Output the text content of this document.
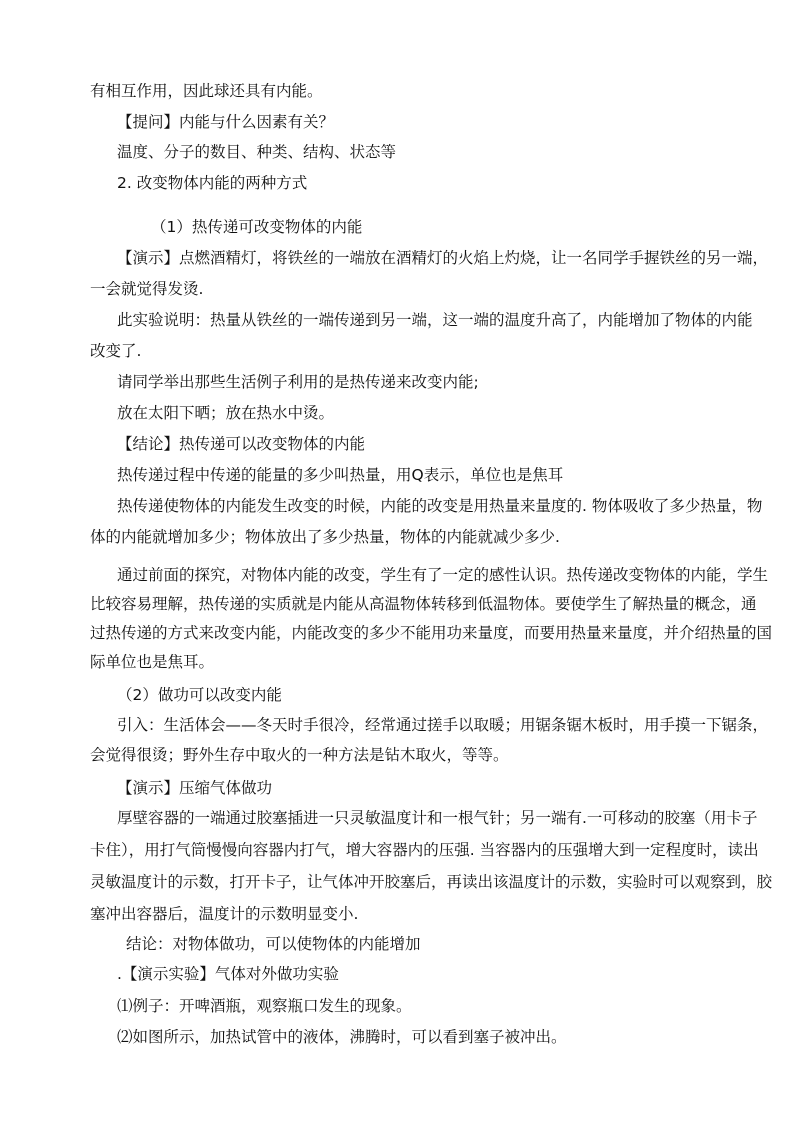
有相互作用，因此球还具有内能。
【提问】内能与什么因素有关？
温度、分子的数目、种类、结构、状态等
2. 改变物体内能的两种方式
（1）热传递可改变物体的内能
【演示】点燃酒精灯，将铁丝的一端放在酒精灯的火焰上灼烧，让一名同学手握铁丝的另一端，
一会就觉得发烫.
此实验说明：热量从铁丝的一端传递到另一端，这一端的温度升高了，内能增加了物体的内能
改变了.
请同学举出那些生活例子利用的是热传递来改变内能;
放在太阳下晒；放在热水中烫。
【结论】热传递可以改变物体的内能
热传递过程中传递的能量的多少叫热量，用Q表示，单位也是焦耳
热传递使物体的内能发生改变的时候，内能的改变是用热量来量度的. 物体吸收了多少热量，物
体的内能就增加多少；物体放出了多少热量，物体的内能就减少多少.
通过前面的探究，对物体内能的改变，学生有了一定的感性认识。热传递改变物体的内能，学生
比较容易理解，热传递的实质就是内能从高温物体转移到低温物体。要使学生了解热量的概念，通
过热传递的方式来改变内能，内能改变的多少不能用功来量度，而要用热量来量度，并介绍热量的国
际单位也是焦耳。
（2）做功可以改变内能
引入：生活体会——冬天时手很冷，经常通过搓手以取暖；用锯条锯木板时，用手摸一下锯条，
会觉得很烫；野外生存中取火的一种方法是钻木取火，等等。
【演示】压缩气体做功
厚壁容器的一端通过胶塞插进一只灵敏温度计和一根气针；另一端有.一可移动的胶塞（用卡子
卡住），用打气筒慢慢向容器内打气，增大容器内的压强. 当容器内的压强增大到一定程度时，读出
灵敏温度计的示数，打开卡子，让气体冲开胶塞后，再读出该温度计的示数，实验时可以观察到，胶
塞冲出容器后，温度计的示数明显变小.
结论：对物体做功，可以使物体的内能增加
.【演示实验】气体对外做功实验
⑴例子：开啤酒瓶，观察瓶口发生的现象。
⑵如图所示，加热试管中的液体，沸腾时，可以看到塞子被冲出。
